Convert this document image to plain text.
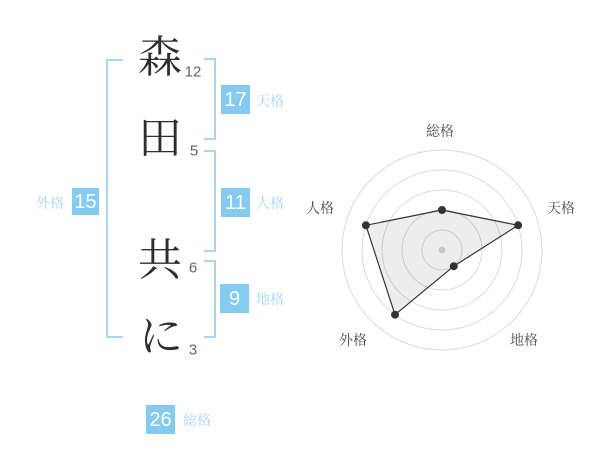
森
田
共
に
12
5
6
3
外格 15
17 天格
11 人格
9 地格
26 総格
総格
天格
地格
外格
人格
